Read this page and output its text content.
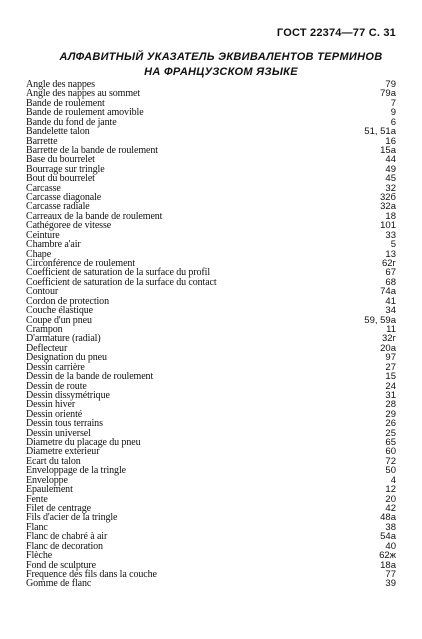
ГОСТ 22374—77 С. 31
АЛФАВИТНЫЙ УКАЗАТЕЛЬ ЭКВИВАЛЕНТОВ ТЕРМИНОВ
НА ФРАНЦУЗСКОМ ЯЗЫКЕ
Angle des nappes	79
Angle des nappes au sommet	79а
Bande de roulement	7
Bande de roulement amovible	9
Bande du fond de jante	6
Bandelette talon	51, 51а
Barrette	16
Barrette de la bande de roulement	15а
Base du bourrelet	44
Bourrage sur tringle	49
Bout du bourrelet	45
Carcasse	32
Carcasse diagonale	32б
Carcasse radiale	32а
Carreaux de la bande de roulement	18
Cathégoree de vitesse	101
Ceinture	33
Chambre a'air	5
Chape	13
Circonférence de roulement	62г
Coefficient de saturation de la surface du profil	67
Coefficient de saturation de la surface du contact	68
Contour	74а
Cordon de protection	41
Couche élastique	34
Coupe d'un pneu	59, 59а
Crampon	11
D'armature (radial)	32г
Deflecteur	20а
Designation du pneu	97
Dessin carrière	27
Dessin de la bande de roulement	15
Dessin de route	24
Dessin dissymétrique	31
Dessin hiver	28
Dessin orienté	29
Dessin tous terrains	26
Dessin universel	25
Diametre du placage du pneu	65
Diametre exterieur	60
Ecart du talon	72
Enveloppage de la tringle	50
Enveloppe	4
Epaulement	12
Fente	20
Filet de centrage	42
Fils d'acier de la tringle	48а
Flanc	38
Flanc de chabré à air	54а
Flanc de decoration	40
Flèche	62ж
Fond de sculpture	18а
Frequence des fils dans la couche	77
Gomme de flanc	39
